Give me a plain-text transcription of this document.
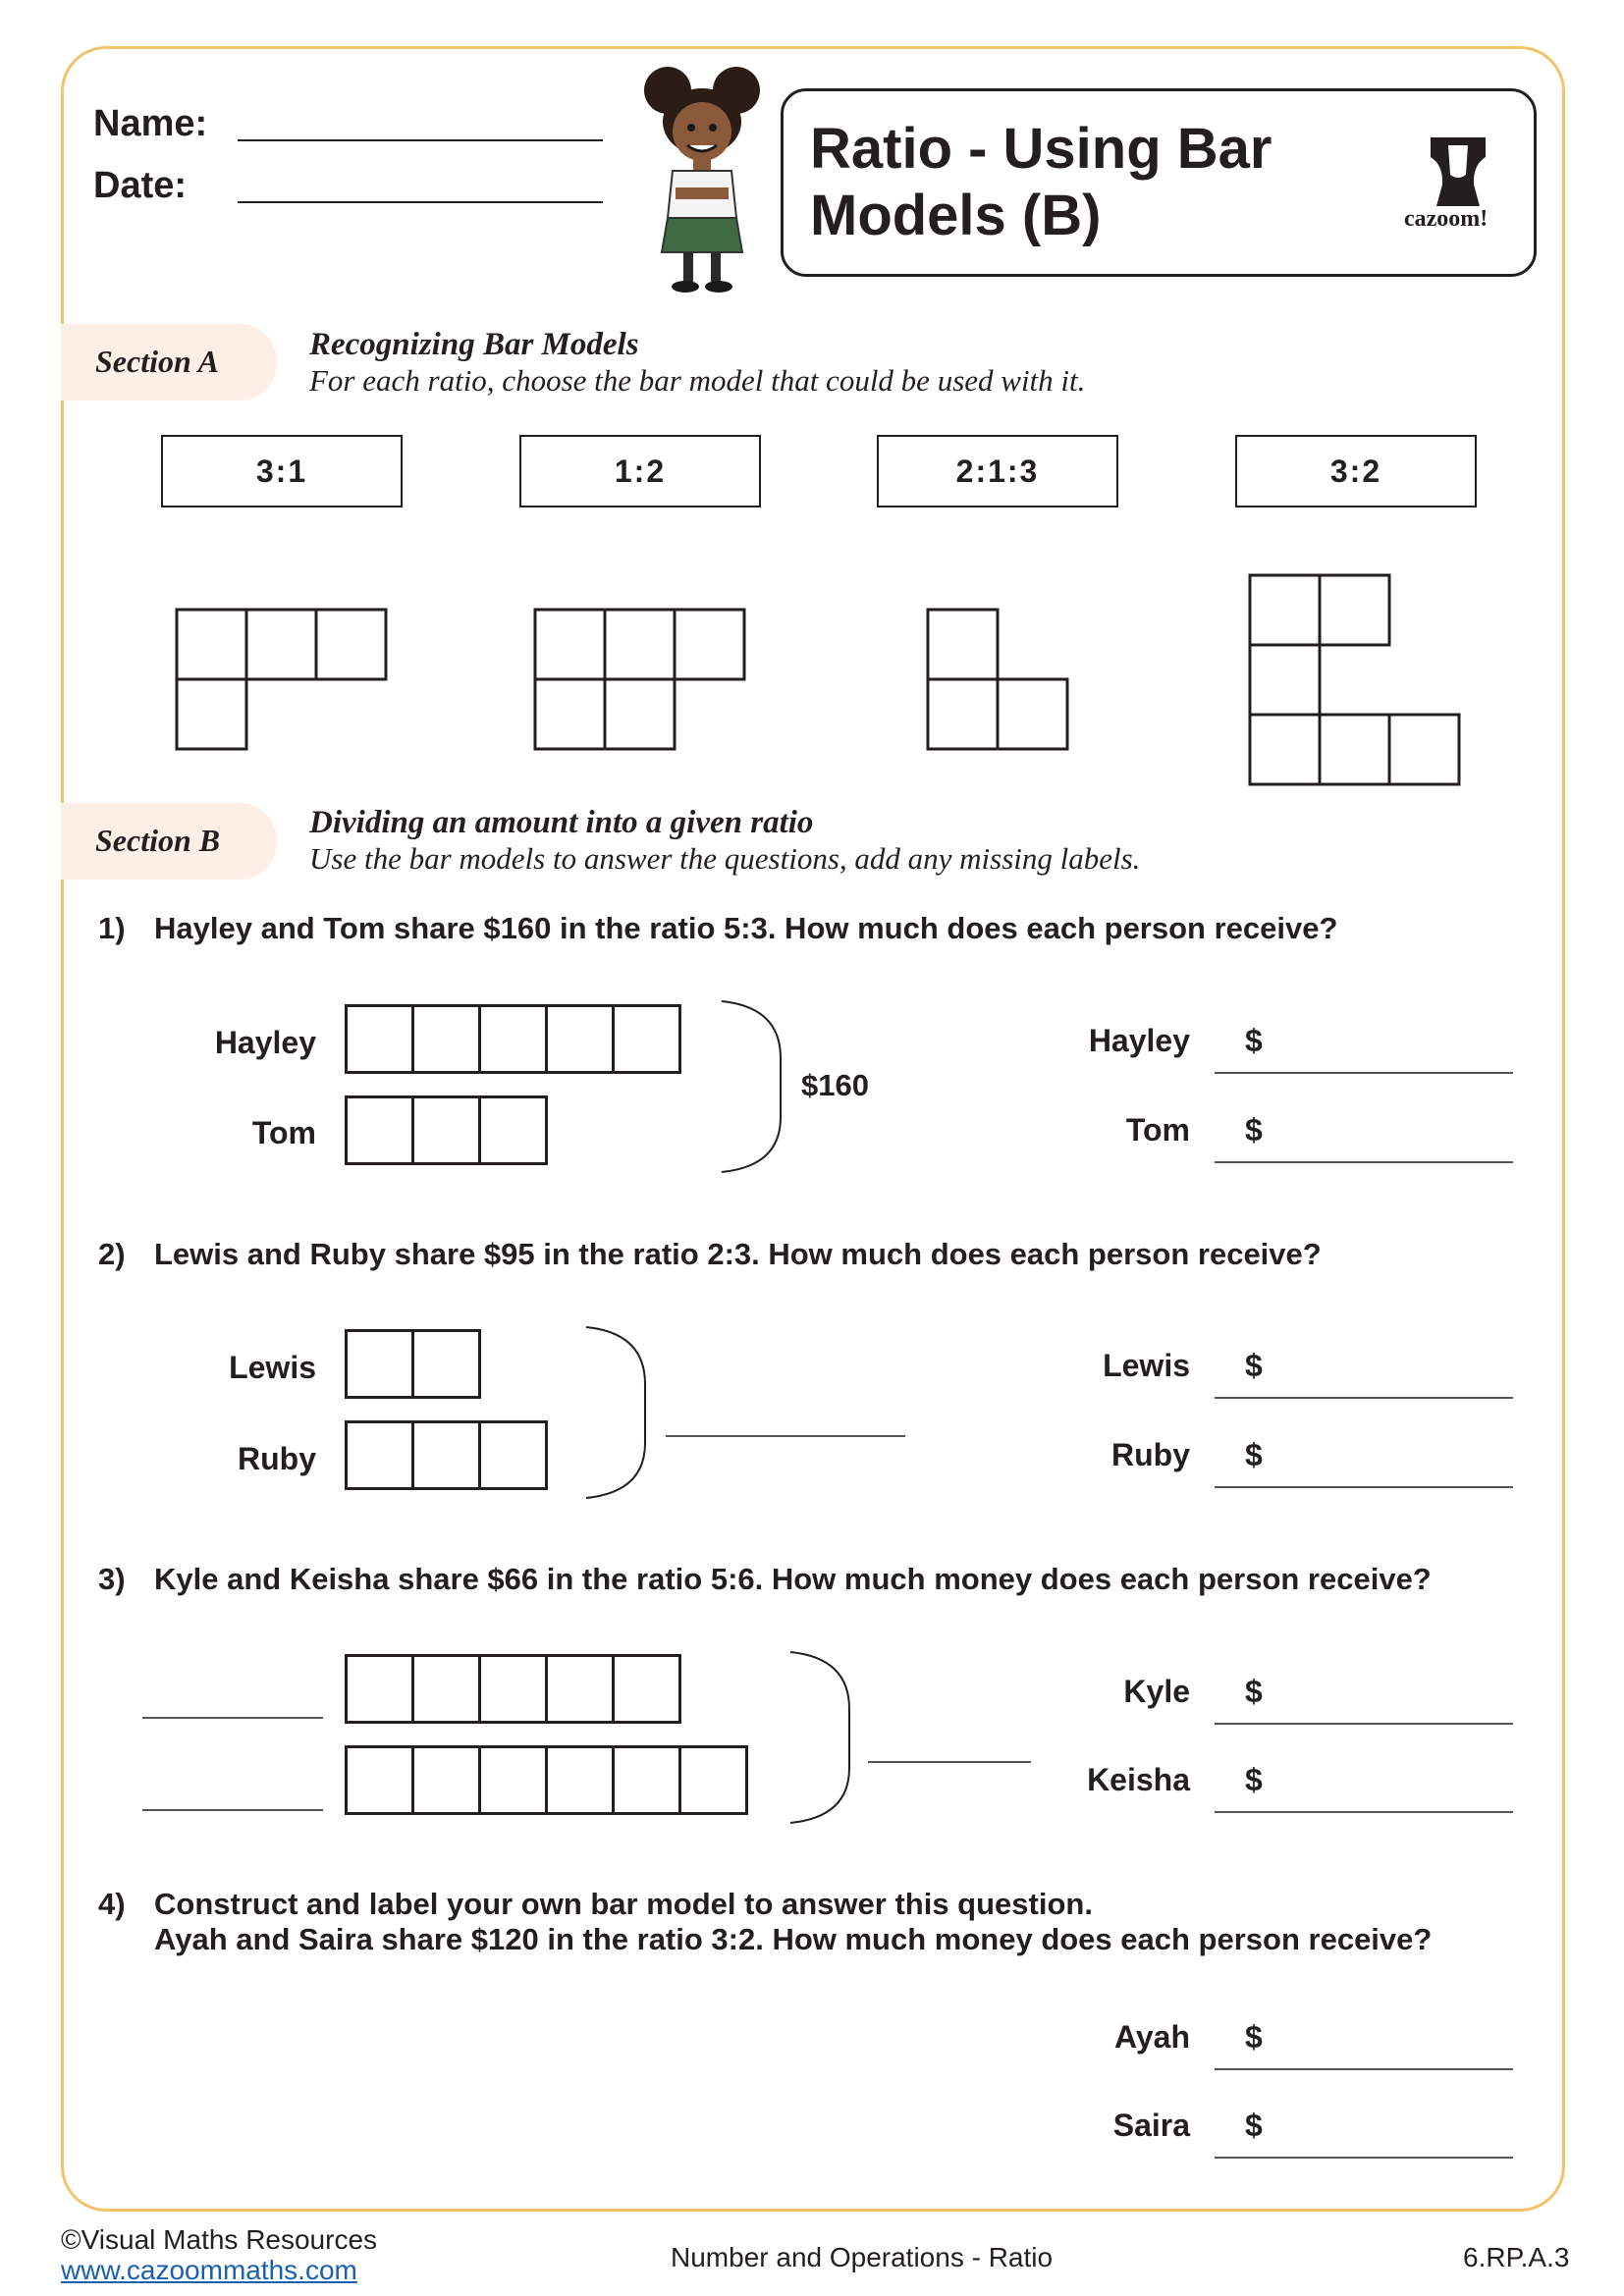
Name:
Date:
Ratio - Using Bar
Models (B)	cazoom!
Section A	Recognizing Bar Models
For each ratio, choose the bar model that could be used with it.
3:1	1:2	2:1:3	3:2
Section B	Dividing an amount into a given ratio
Use the bar models to answer the questions, add any missing labels.
1) Hayley and Tom share $160 in the ratio 5:3. How much does each person receive?
Hayley
Tom
$160
Hayley $
Tom $
2) Lewis and Ruby share $95 in the ratio 2:3. How much does each person receive?
Lewis
Ruby
Lewis $
Ruby $
3) Kyle and Keisha share $66 in the ratio 5:6. How much money does each person receive?
Kyle $
Keisha $
4) Construct and label your own bar model to answer this question.
Ayah and Saira share $120 in the ratio 3:2. How much money does each person receive?
Ayah $
Saira $
©Visual Maths Resources
www.cazoommaths.com	Number and Operations - Ratio	6.RP.A.3
